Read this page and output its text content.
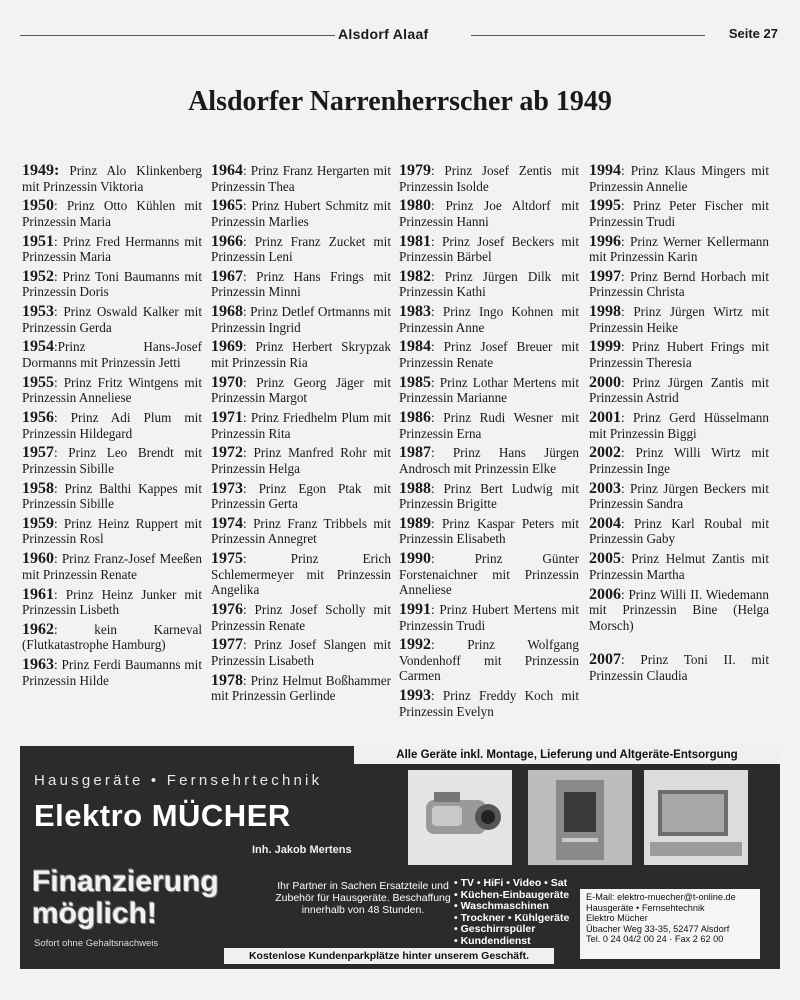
Alsdorf Alaaf	Seite 27
Alsdorfer Narrenherrscher ab 1949

1949: Prinz Alo Klinkenberg mit Prinzessin Viktoria

1950: Prinz Otto Kühlen mit Prinzessin Maria

1951: Prinz Fred Hermanns mit Prinzessin Maria

1952: Prinz Toni Baumanns mit Prinzessin Doris

1953: Prinz Oswald Kalker mit Prinzessin Gerda

1954:Prinz Hans-Josef Dormanns mit Prinzessin Jetti

1955: Prinz Fritz Wintgens mit Prinzessin Anneliese

1956: Prinz Adi Plum mit Prinzessin Hildegard

1957: Prinz Leo Brendt mit Prinzessin Sibille

1958: Prinz Balthi Kappes mit Prinzessin Sibille

1959: Prinz Heinz Ruppert mit Prinzessin Rosl

1960: Prinz Franz-Josef Meeßen mit Prinzessin Renate

1961: Prinz Heinz Junker mit Prinzessin Lisbeth

1962: kein Karneval (Flutkatastrophe Hamburg)

1963: Prinz Ferdi Baumanns mit Prinzessin Hilde

1964: Prinz Franz Hergarten mit Prinzessin Thea

1965: Prinz Hubert Schmitz mit Prinzessin Marlies

1966: Prinz Franz Zucket mit Prinzessin Leni

1967: Prinz Hans Frings mit Prinzessin Minni

1968: Prinz Detlef Ortmanns mit Prinzessin Ingrid

1969: Prinz Herbert Skrypzak mit Prinzessin Ria

1970: Prinz Georg Jäger mit Prinzessin Margot

1971: Prinz Friedhelm Plum mit Prinzessin Rita

1972: Prinz Manfred Rohr mit Prinzessin Helga

1973: Prinz Egon Ptak mit Prinzessin Gerta

1974: Prinz Franz Tribbels mit Prinzessin Annegret

1975: Prinz Erich Schlemermeyer mit Prinzessin Angelika

1976: Prinz Josef Scholly mit Prinzessin Renate

1977: Prinz Josef Slangen mit Prinzessin Lisabeth

1978: Prinz Helmut Boßhammer mit Prinzessin Gerlinde

1979: Prinz Josef Zentis mit Prinzessin Isolde

1980: Prinz Joe Altdorf mit Prinzessin Hanni

1981: Prinz Josef Beckers mit Prinzessin Bärbel

1982: Prinz Jürgen Dilk mit Prinzessin Kathi

1983: Prinz Ingo Kohnen mit Prinzessin Anne

1984: Prinz Josef Breuer mit Prinzessin Renate

1985: Prinz Lothar Mertens mit Prinzessin Marianne

1986: Prinz Rudi Wesner mit Prinzessin Erna

1987: Prinz Hans Jürgen Androsch mit Prinzessin Elke

1988: Prinz Bert Ludwig mit Prinzessin Brigitte

1989: Prinz Kaspar Peters mit Prinzessin Elisabeth

1990: Prinz Günter Forstenaichner mit Prinzessin Anneliese

1991: Prinz Hubert Mertens mit Prinzessin Trudi

1992: Prinz Wolfgang Vondenhoff mit Prinzessin Carmen

1993: Prinz Freddy Koch mit Prinzessin Evelyn

1994: Prinz Klaus Mingers mit Prinzessin Annelie

1995: Prinz Peter Fischer mit Prinzessin Trudi

1996: Prinz Werner Kellermann mit Prinzessin Karin

1997: Prinz Bernd Horbach mit Prinzessin Christa

1998: Prinz Jürgen Wirtz mit Prinzessin Heike

1999: Prinz Hubert Frings mit Prinzessin Theresia

2000: Prinz Jürgen Zantis mit Prinzessin Astrid

2001: Prinz Gerd Hüsselmann mit Prinzessin Biggi

2002: Prinz Willi Wirtz mit Prinzessin Inge

2003: Prinz Jürgen Beckers mit Prinzessin Sandra

2004: Prinz Karl Roubal mit Prinzessin Gaby

2005: Prinz Helmut Zantis mit Prinzessin Martha

2006: Prinz Willi II. Wiedemann mit Prinzessin Bine (Helga Morsch)

2007: Prinz Toni II. mit Prinzessin Claudia

Alle Geräte inkl. Montage, Lieferung und Altgeräte-Entsorgung
Hausgeräte • Fernsehrtechnik
Elektro MÜCHER
Inh. Jakob Mertens
Finanzierung
möglich!
Sofort ohne Gehaltsnachweis
Ihr Partner in Sachen Ersatzteile und Zubehör für Hausgeräte. Beschaffung innerhalb von 48 Stunden.
• TV • HiFi • Video • Sat
• Küchen-Einbaugeräte
• Waschmaschinen
• Trockner • Kühlgeräte
• Geschirrspüler
• Kundendienst
E-Mail: elektro-muecher@t-online.de
Hausgeräte • Fernsehtechnik
Elektro Mücher
Übacher Weg 33-35, 52477 Alsdorf
Tel. 0 24 04/2 00 24 · Fax 2 62 00
Kostenlose Kundenparkplätze hinter unserem Geschäft.
